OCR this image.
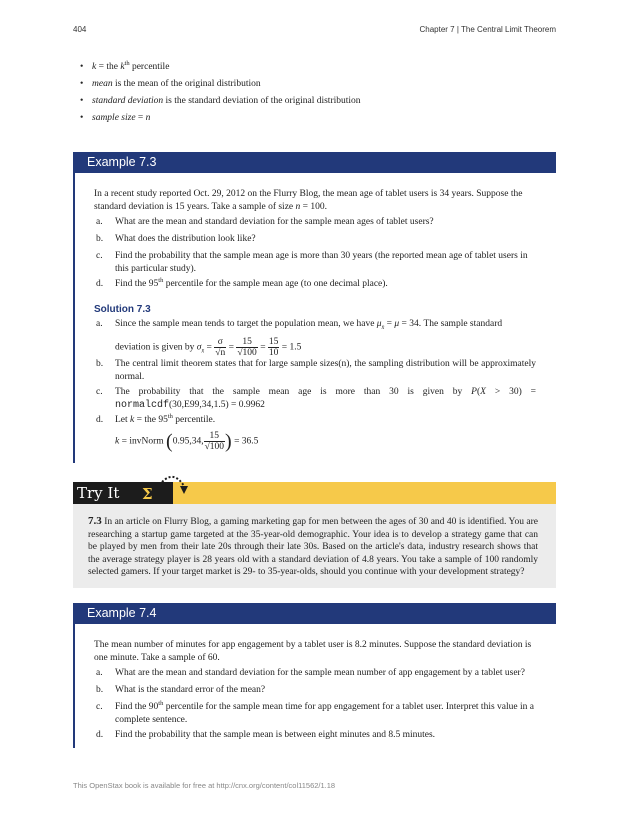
404	Chapter 7 | The Central Limit Theorem
• k = the $k^{th}$ percentile
• mean is the mean of the original distribution
• standard deviation is the standard deviation of the original distribution
• sample size = n
Example 7.3
In a recent study reported Oct. 29, 2012 on the Flurry Blog, the mean age of tablet users is 34 years. Suppose the
standard deviation is 15 years. Take a sample of size n = 100.
a. What are the mean and standard deviation for the sample mean ages of tablet users?
b. What does the distribution look like?
c. Find the probability that the sample mean age is more than 30 years (the reported mean age of tablet users in this particular study).
d. Find the 95th percentile for the sample mean age (to one decimal place).
Solution 7.3
a. Since the sample mean tends to target the population mean, we have $\mu_{x̄} = \mu = 34$. The sample standard
deviation is given by $\sigma_{x̄} = \frac{\sigma}{√n} = \frac{15}{√100} = \frac{15}{10} = 1.5$
b. The central limit theorem states that for large sample sizes(n), the sampling distribution will be approximately normal.
c. The probability that the sample mean age is more than 30 is given by P(X > 30) =
normalcdf(30,E99,34,1.5) = 0.9962
d. Let k = the 95th percentile.
k = invNorm (0.95,34, $\frac{15}{√100}$ ) = 36.5
Try It Σ
7.3 In an article on Flurry Blog, a gaming marketing gap for men between the ages of 30 and 40 is identified. You are researching a startup game targeted at the 35-year-old demographic. Your idea is to develop a strategy game that can be played by men from their late 20s through their late 30s. Based on the article's data, industry research shows that the average strategy player is 28 years old with a standard deviation of 4.8 years. You take a sample of 100 randomly selected gamers. If your target market is 29- to 35-year-olds, should you continue with your development strategy?
Example 7.4
The mean number of minutes for app engagement by a tablet user is 8.2 minutes. Suppose the standard deviation is one minute. Take a sample of 60.
a. What are the mean and standard deviation for the sample mean number of app engagement by a tablet user?
b. What is the standard error of the mean?
c. Find the 90th percentile for the sample mean time for app engagement for a tablet user. Interpret this value in a complete sentence.
d. Find the probability that the sample mean is between eight minutes and 8.5 minutes.
This OpenStax book is available for free at http://cnx.org/content/col11562/1.18
